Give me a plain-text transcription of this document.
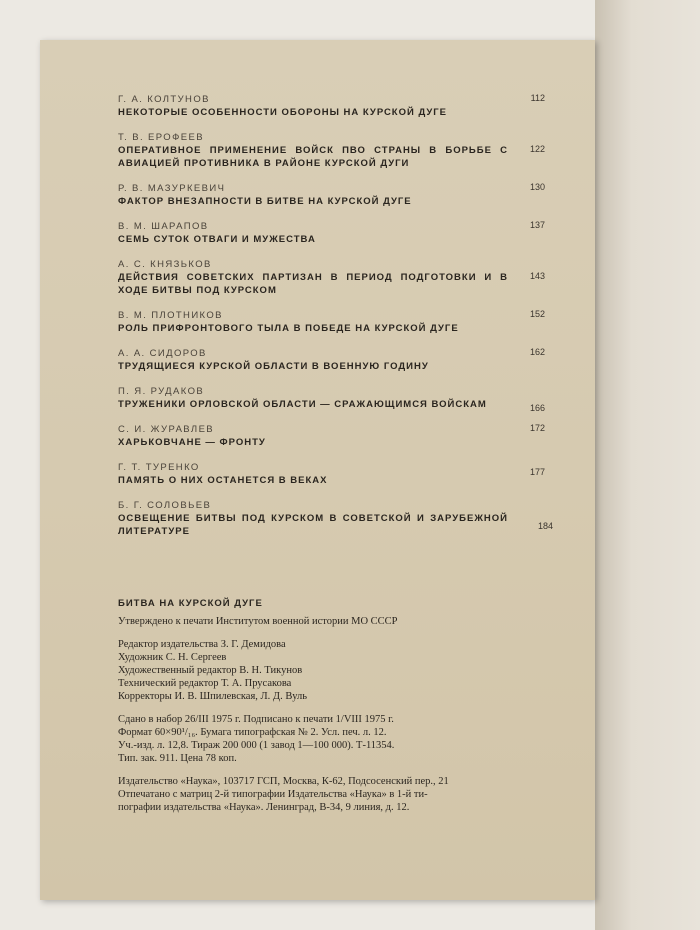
Г. А. КОЛТУНОВ
НЕКОТОРЫЕ ОСОБЕННОСТИ ОБОРОНЫ НА КУРСКОЙ ДУГЕ
112
Т. В. ЕРОФЕЕВ
ОПЕРАТИВНОЕ ПРИМЕНЕНИЕ ВОЙСК ПВО СТРАНЫ В БОРЬБЕ С АВИАЦИЕЙ ПРОТИВНИКА В РАЙОНЕ КУРСКОЙ ДУГИ
122
Р. В. МАЗУРКЕВИЧ
ФАКТОР ВНЕЗАПНОСТИ В БИТВЕ НА КУРСКОЙ ДУГЕ
130
В. М. ШАРАПОВ
СЕМЬ СУТОК ОТВАГИ И МУЖЕСТВА
137
А. С. КНЯЗЬКОВ
ДЕЙСТВИЯ СОВЕТСКИХ ПАРТИЗАН В ПЕРИОД ПОДГОТОВКИ И В ХОДЕ БИТВЫ ПОД КУРСКОМ
143
В. М. ПЛОТНИКОВ
РОЛЬ ПРИФРОНТОВОГО ТЫЛА В ПОБЕДЕ НА КУРСКОЙ ДУГЕ
152
А. А. СИДОРОВ
ТРУДЯЩИЕСЯ КУРСКОЙ ОБЛАСТИ В ВОЕННУЮ ГОДИНУ
162
П. Я. РУДАКОВ
ТРУЖЕНИКИ ОРЛОВСКОЙ ОБЛАСТИ — СРАЖАЮЩИМСЯ ВОЙСКАМ	166
С. И. ЖУРАВЛЕВ
ХАРЬКОВЧАНЕ — ФРОНТУ
172
Г. Т. ТУРЕНКО
ПАМЯТЬ О НИХ ОСТАНЕТСЯ В ВЕКАХ
177
Б. Г. СОЛОВЬЕВ
ОСВЕЩЕНИЕ БИТВЫ ПОД КУРСКОМ В СОВЕТСКОЙ И ЗАРУБЕЖНОЙ ЛИТЕРАТУРЕ	184
БИТВА НА КУРСКОЙ ДУГЕ
Утверждено к печати Институтом военной истории МО СССР
Редактор издательства З. Г. Демидова
Художник С. Н. Сергеев
Художественный редактор В. Н. Тикунов
Технический редактор Т. А. Прусакова
Корректоры И. В. Шпилевская, Л. Д. Вуль
Сдано в набор 26/III 1975 г. Подписано к печати 1/VIII 1975 г.
Формат 60×90¹/₁₆. Бумага типографская № 2. Усл. печ. л. 12.
Уч.-изд. л. 12,8. Тираж 200 000 (1 завод 1—100 000). Т-11354.
Тип. зак. 911. Цена 78 коп.
Издательство «Наука», 103717 ГСП, Москва, К-62, Подсосенский пер., 21
Отпечатано с матриц 2-й типографии Издательства «Наука» в 1-й ти-
пографии издательства «Наука». Ленинград, В-34, 9 линия, д. 12.
